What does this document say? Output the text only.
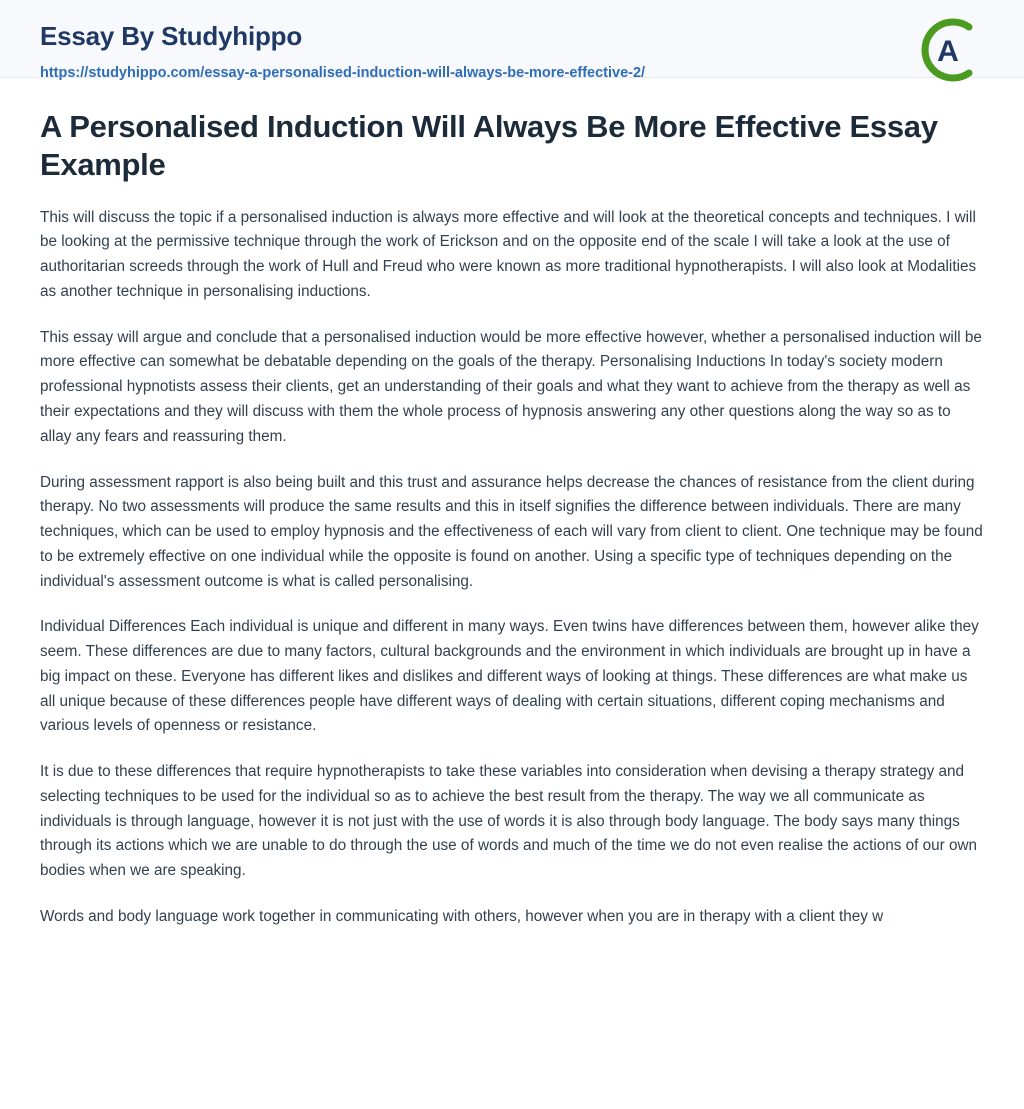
Essay By Studyhippo
https://studyhippo.com/essay-a-personalised-induction-will-always-be-more-effective-2/
A
A Personalised Induction Will Always Be More Effective Essay Example

This will discuss the topic if a personalised induction is always more effective and will look at the theoretical concepts and techniques. I will be looking at the permissive technique through the work of Erickson and on the opposite end of the scale I will take a look at the use of authoritarian screeds through the work of Hull and Freud who were known as more traditional hypnotherapists. I will also look at Modalities as another technique in personalising inductions.

This essay will argue and conclude that a personalised induction would be more effective however, whether a personalised induction will be more effective can somewhat be debatable depending on the goals of the therapy. Personalising Inductions In today's society modern professional hypnotists assess their clients, get an understanding of their goals and what they want to achieve from the therapy as well as their expectations and they will discuss with them the whole process of hypnosis answering any other questions along the way so as to allay any fears and reassuring them.

During assessment rapport is also being built and this trust and assurance helps decrease the chances of resistance from the client during therapy. No two assessments will produce the same results and this in itself signifies the difference between individuals. There are many techniques, which can be used to employ hypnosis and the effectiveness of each will vary from client to client. One technique may be found to be extremely effective on one individual while the opposite is found on another. Using a specific type of techniques depending on the individual's assessment outcome is what is called personalising.

Individual Differences Each individual is unique and different in many ways. Even twins have differences between them, however alike they seem. These differences are due to many factors, cultural backgrounds and the environment in which individuals are brought up in have a big impact on these. Everyone has different likes and dislikes and different ways of looking at things. These differences are what make us all unique because of these differences people have different ways of dealing with certain situations, different coping mechanisms and various levels of openness or resistance.

It is due to these differences that require hypnotherapists to take these variables into consideration when devising a therapy strategy and selecting techniques to be used for the individual so as to achieve the best result from the therapy. The way we all communicate as individuals is through language, however it is not just with the use of words it is also through body language. The body says many things through its actions which we are unable to do through the use of words and much of the time we do not even realise the actions of our own bodies when we are speaking.

Words and body language work together in communicating with others, however when you are in therapy with a client they w
